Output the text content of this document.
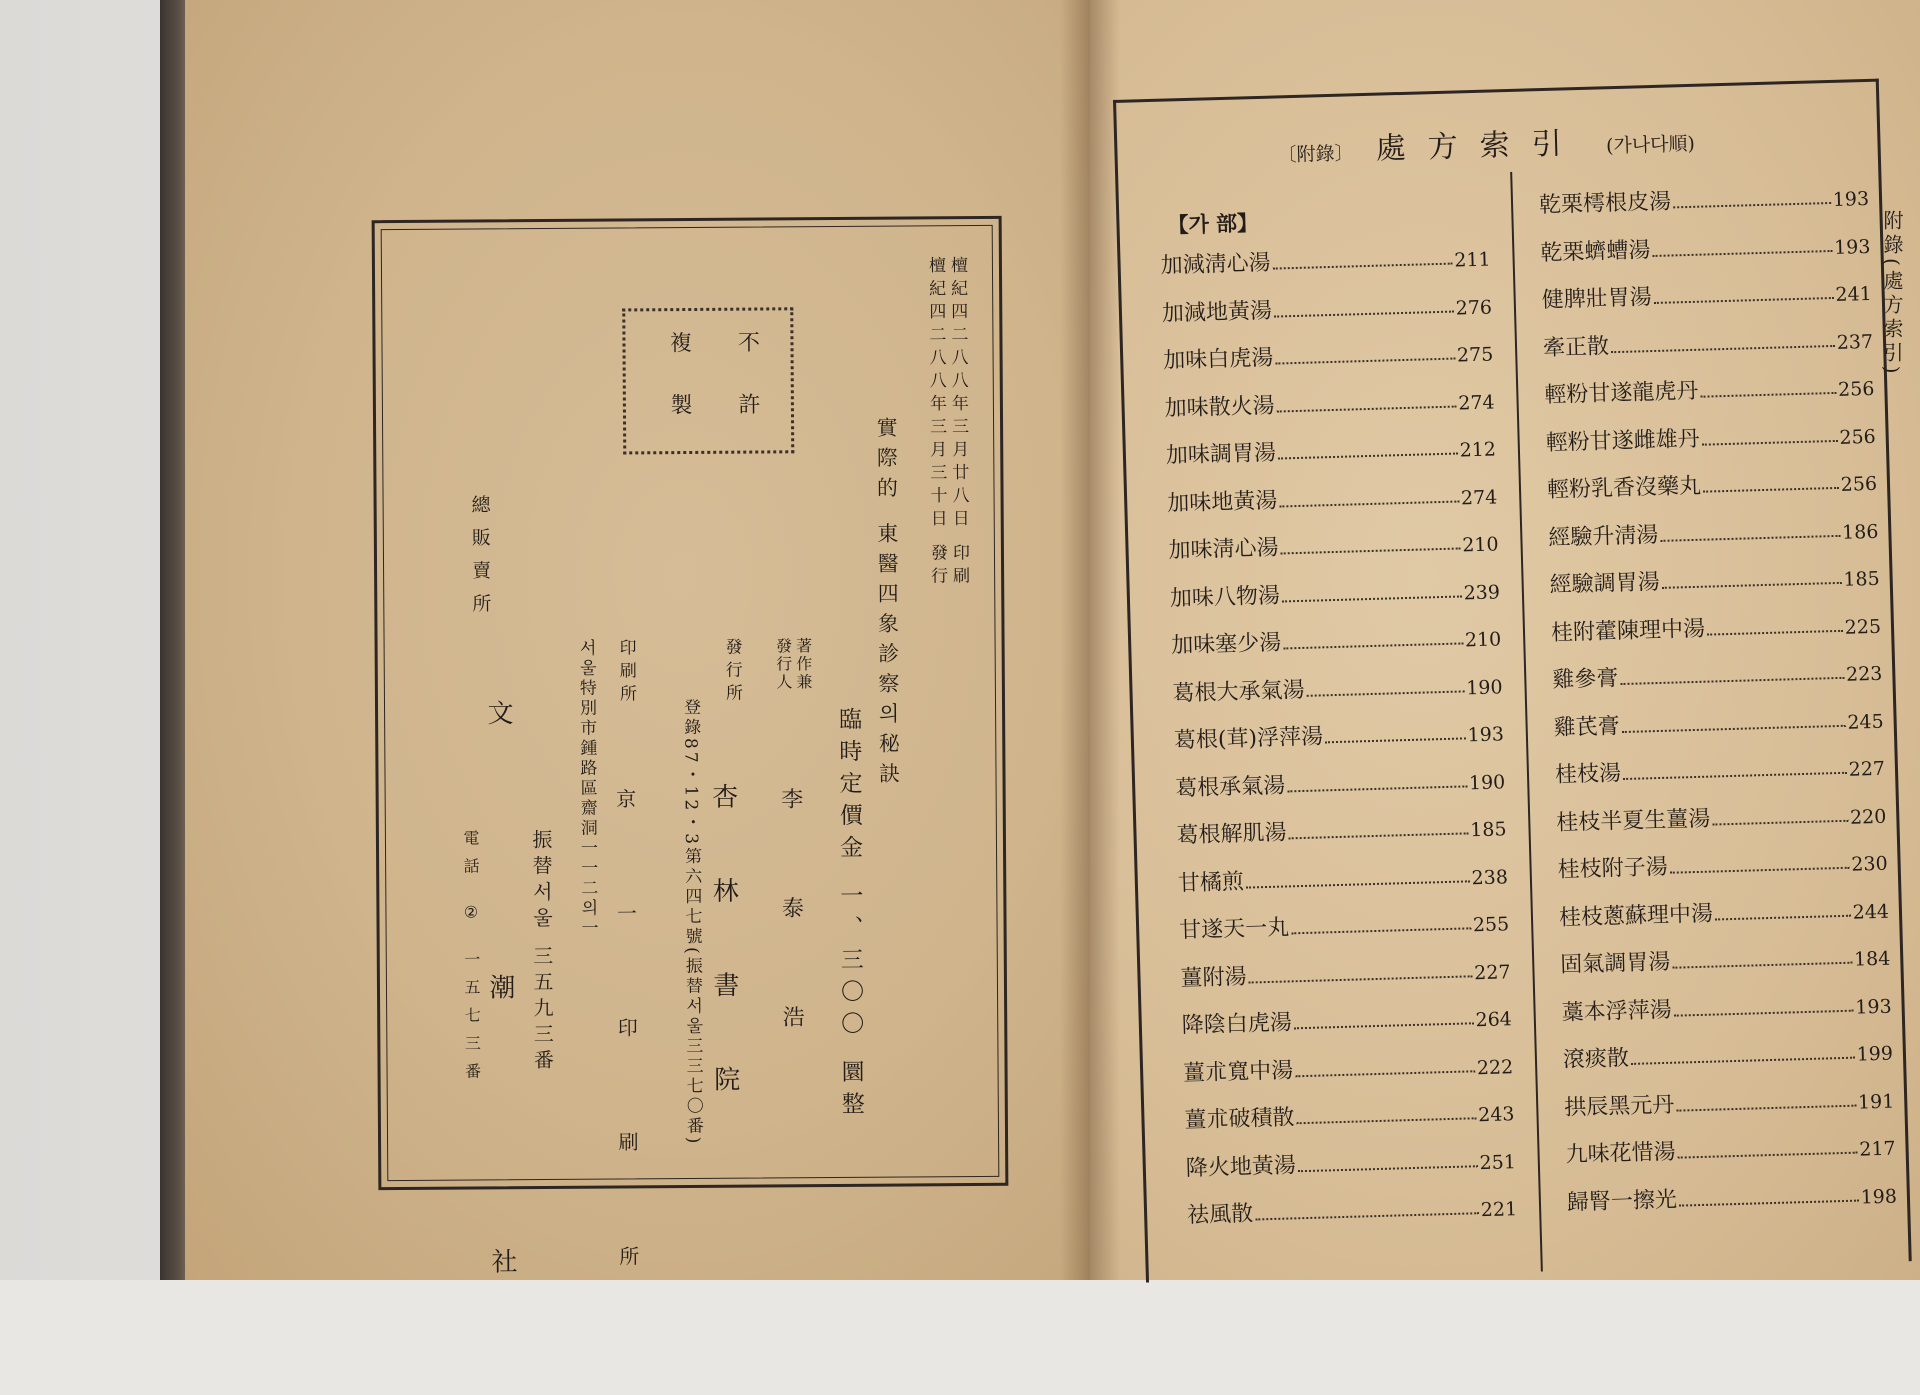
檀紀四二八八年三月廿八日 印刷
檀紀四二八八年三月三十日 發行
不許
複製
實際的 東醫四象診察의秘訣
臨時定價金 一、三〇〇 圜整
著作兼發行人
李 泰 浩
發行所
杏 林 書 院
登錄87・12・3第六四七號(振替서울三三七〇番)
印刷所
京 一 印 刷 所
서울特別市鍾路區齋洞一一二의一
總販賣所
文 潮 社 振替서울 三五九三番
電話 ② 一五七三番
〔附錄〕 處方索引 (가나다順)
【가 部】
加減淸心湯	211
加減地黃湯	276
加味白虎湯	275
加味散火湯	274
加味調胃湯	212
加味地黃湯	274
加味淸心湯	210
加味八物湯	239
加味塞少湯	210
葛根大承氣湯	190
葛根(茸)浮萍湯	193
葛根承氣湯	190
葛根解肌湯	185
甘橘煎	238
甘遂天一丸	255
薑附湯	227
降陰白虎湯	264
薑朮寬中湯	222
薑朮破積散	243
降火地黃湯	251
祛風散	221
乾栗樗根皮湯	193
乾栗蠐螬湯	193
健脾壯胃湯	241
牽正散	237
輕粉甘遂龍虎丹	256
輕粉甘遂雌雄丹	256
輕粉乳香沒藥丸	256
經驗升淸湯	186
經驗調胃湯	185
桂附藿陳理中湯	225
雞參膏	223
雞芪膏	245
桂枝湯	227
桂枝半夏生薑湯	220
桂枝附子湯	230
桂枝蔥蘇理中湯	244
固氣調胃湯	184
藁本浮萍湯	193
滾痰散	199
拱辰黑元丹	191
九味花惜湯	217
歸腎一擦光	198
附錄(處方索引)
